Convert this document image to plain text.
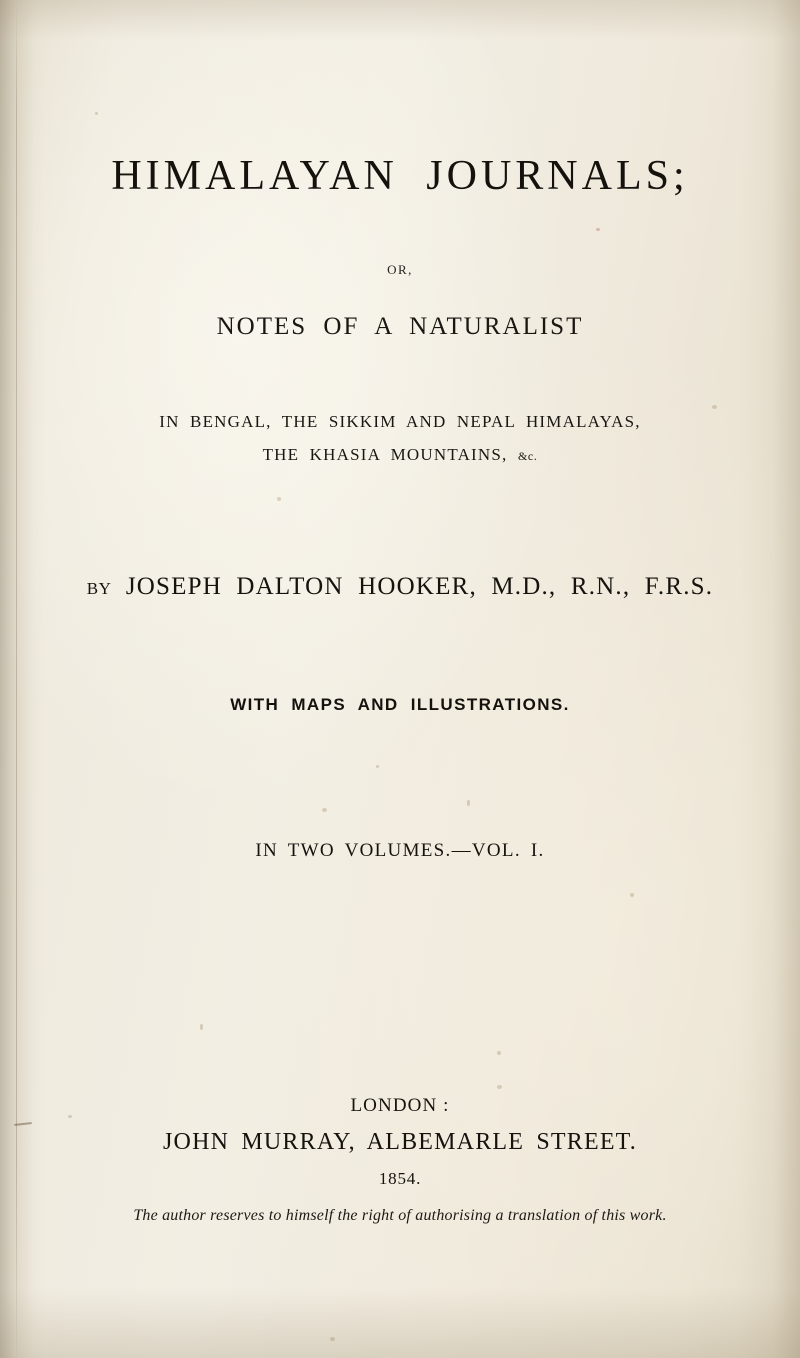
HIMALAYAN JOURNALS;
OR,
NOTES OF A NATURALIST
IN BENGAL, THE SIKKIM AND NEPAL HIMALAYAS,
THE KHASIA MOUNTAINS, &c.
BY JOSEPH DALTON HOOKER, M.D., R.N., F.R.S.
WITH MAPS AND ILLUSTRATIONS.
IN TWO VOLUMES.—VOL. I.
LONDON :
JOHN MURRAY, ALBEMARLE STREET.
1854.
The author reserves to himself the right of authorising a translation of this work.
